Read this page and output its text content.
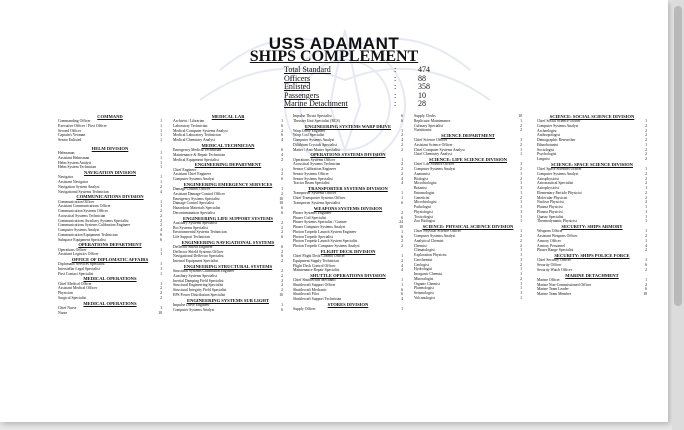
USS ADAMANT
SHIPS COMPLEMENT
Total Standard	:	474
Officers	:	88
Enlisted	:	358
Passengers	:	10
Marine Detachment	:	28
COMMAND
Commanding Officer	1
Executive Officer / First Officer	1
Second Officer	1
Captain's Yeoman	1
Senior Enlisted	1
HELM DIVISION
Helmsman	1
Assistant Helmsman	1
Helm System Analyst	1
Helm System Technician	1
NAVIGATION DIVISION
Navigator	1
Assistant Navigator	1
Navigation System Analyst	2
Navigational Systems Technician	4
COMMUNICATIONS DIVISION
Communication Officer	1
Assistant Communications Officer	1
Communication Systems Officer	2
Acoustical Systems Technician	2
Communications Auxiliary Systems Specialist	2
Communications Systems Calibration Engineer	2
Computer Systems Analyst	4
Communication Equipment Technician	6
Subspace Equipment Specialist	6
OPERATIONS DEPARTMENT
Operations Officer	1
Assistant Logistics Officer	1
OFFICE OF DIPLOMATIC AFFAIRS
Diplomatic Services Specialist	1
Interstellar Legal Specialist	1
First Contact Specialist	1
MEDICAL OPERATIONS
Chief Medical Officer	1
Assistant Medical Officer	2
Physician	2
Surgical Specialist	2
MEDICAL OPERATIONS
Chief Nurse	1
Nurse	10
MEDICAL LAB
Archivist / Librarian	1
Laboratory Technician	6
Medical Computer Systems Analyst	2
Medical Laboratory Technician	6
Medical Chemistry Analyst	4
MEDICAL TECHNICIAN
Emergency Medical Technician	6
Maintenance & Repair Technician	4
Medical Equipment Specialist	2
ENGINEERING DEPARTMENT
Chief Engineer	1
Assistant Chief Engineer	2
Computer Systems Analyst	6
ENGINEERING EMERGENCY SERVICES
Damage Control Officer	1
Assistant Damage Control Officer	2
Emergency Systems Specialist	10
Damage Control Specialist	10
Hazardous Materials Specialist	6
Decontamination Specialist	6
ENGINEERING LIFE SUPPORT SYSTEMS
Auxiliary Systems Specialist	2
Bio Systems Specialist	2
Environmental Systems Technician	2
Life Support Technician	6
ENGINEERING NAVIGATIONAL SYSTEMS
Deflector Shield Engineer	6
Deflector Shield Systems Officer	2
Navigational Deflector Specialist	6
Internal Equipment Specialist	2
ENGINEERING STRUCTURAL SYSTEMS
Structural Systems Calibration Engineer	2
Auxiliary Systems Specialist	2
Inertial Damping Field Specialist	2
Structural Engineering Specialist	2
Structural Integrity Field Specialist	2
EPS Power Distribution Specialist	10
ENGINEERING SYSTEMS SUB LIGHT
Impulse Drive Engineer	1
Computer Systems Analyst	6
Impulse Thrust Specialist	6
Thruster Unit Specialist (RCS)	6
ENGINEERING SYSTEMS WARP DRIVE
Warp Drive Engineer	1
Warp Coil Specialist	2
Computer Systems Analyst	4
Dilithium Crystals Specialist	2
Matter / Anti-Matter Specialist	2
OPERATIONS SYSTEMS DIVISION
Operations Systems Officer	1
Acoustical Systems Technician	2
Sensor Calibration Engineer	2
Sensor Systems Officer	2
Sensor Systems Specialist	4
Tractor Beam Specialist	4
TRANSPORTER SYSTEMS DIVISION
Transporter Systems Officer	1
Chief Transporter Systems Officer	1
Transporter Systems Specialist	6
WEAPONS SYSTEMS DIVISION
Phaser Systems Engineer	2
Phaser Coil Specialist	6
Phaser Systems Specialist / Gunner	24
Phaser Computer Systems Analyst	10
Photon Torpedo Launch System Engineer	1
Photon Torpedo Specialist	6
Photon Torpedo Launch System Specialist	2
Photon Torpedo Computer Systems Analyst	2
FLIGHT DECK DIVISION
Chief Flight Deck Control Officer	1
Equipment Supply Technician	2
Flight Deck Control Officer	4
Maintenance Repair Specialist	4
SHUTTLE OPERATIONS DIVISION
Chief Shuttlecraft Mechanic	1
Shuttlecraft Support Officer	1
Shuttlecraft Mechanic	6
Shuttlecraft Pilot	6
Shuttlecraft Support Technician	4
STORES DIVISION
Supply Officer	1
Supply Clerks	10
Replicator Maintenance	1
Culinary Specialist	2
Nutritionist	2
SCIENCE DEPARTMENT
Chief Science Officer	1
Assistant Science Officer	2
Chief Computer Systems Analyst	1
Chief Chemistry Analyst	1
SCIENCE: LIFE SCIENCE DIVISION
Chief Life Science Officer	1
Computer Systems Analyst	2
Anatomist	1
Biologist	2
Microbiologist	1
Botanist	1
Entomologist	1
Geneticist	2
Microbiologist	1
Pathologist	1
Physiologist	1
Toxicologist	1
Zoo Biologist	1
SCIENCE: PHYSICAL SCIENCE DIVISION
Chief Physical Science Officer	1
Computer Systems Analyst	2
Analytical Chemist	2
Chemist	2
Climatologist	1
Exploration Physicist	1
Geochemist	1
Geologist	2
Hydrologist	1
Inorganic Chemist	1
Mineralogist	2
Organic Chemist	1
Planetologist	1
Seismologist	1
Volcanologist	1
SCIENCE: SOCIAL SCIENCE DIVISION
Chief Social Science Officer	1
Computer Systems Analyst	2
Archeologist	2
Anthropologist	2
Demographic Researcher	2
Ethnobotanist	1
Sociologist	2
Psychologist	2
Linguist	2
SCIENCE: SPACE SCIENCE DIVISION
Chief Space Sciences Officer	1
Computer Systems Analyst	2
Astrophysicist	2
Astronautical Specialist	2
Astrophysicist	1
Elementary Particle Physicist	2
Molecular Physicist	2
Nuclear Physicist	2
Plasma Physicist	1
Plasma Physicist	1
Quasar Specialist	1
Thermodynamic Physicist	1
SECURITY: SHIPS ARMORY
Weapons Officer	1
Assistant Weapons Officer	2
Armory Officer	1
Armory Personnel	4
Phaser Range Specialist	2
SECURITY: SHIPS POLICE FORCE
Chief Security Officer	1
Security Officer	6
Security Watch Officer	2
MARINE DETACHMENT
Marine Officer	1
Marine Non-Commissioned Officer	2
Marine Team Leader	6
Marine Team Member	18
